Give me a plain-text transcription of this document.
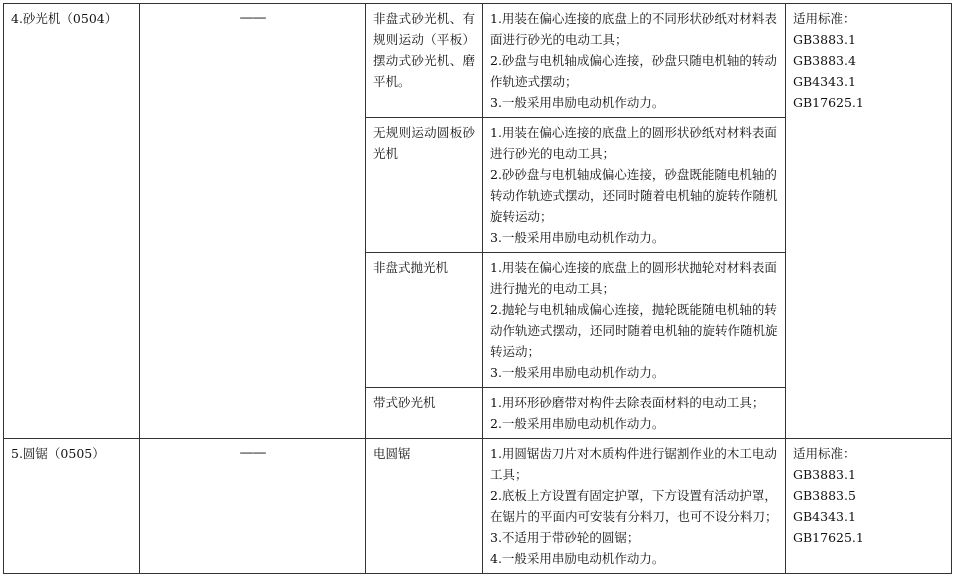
4.砂光机（0504）	——	非盘式砂光机、有规则运动（平板）摆动式砂光机、磨平机。	1.用装在偏心连接的底盘上的不同形状砂纸对材料表面进行砂光的电动工具；
2.砂盘与电机轴成偏心连接，砂盘只随电机轴的转动作轨迹式摆动；
3.一般采用串励电动机作动力。	适用标准：
GB3883.1
GB3883.4
GB4343.1
GB17625.1

		无规则运动圆板砂光机	1.用装在偏心连接的底盘上的圆形状砂纸对材料表面进行砂光的电动工具；
2.砂砂盘与电机轴成偏心连接，砂盘既能随电机轴的转动作轨迹式摆动，还同时随着电机轴的旋转作随机旋转运动；
3.一般采用串励电动机作动力。	

		非盘式抛光机	1.用装在偏心连接的底盘上的圆形状抛轮对材料表面进行抛光的电动工具；
2.抛轮与电机轴成偏心连接，抛轮既能随电机轴的转动作轨迹式摆动，还同时随着电机轴的旋转作随机旋转运动；
3.一般采用串励电动机作动力。	

		带式砂光机	1.用环形砂磨带对构件去除表面材料的电动工具；
2.一般采用串励电动机作动力。	

5.圆锯（0505）	——	电圆锯	1.用圆锯齿刀片对木质构件进行锯割作业的木工电动工具；
2.底板上方设置有固定护罩，下方设置有活动护罩，在锯片的平面内可安装有分料刀，也可不设分料刀；
3.不适用于带砂轮的圆锯；
4.一般采用串励电动机作动力。	适用标准：
GB3883.1
GB3883.5
GB4343.1
GB17625.1
